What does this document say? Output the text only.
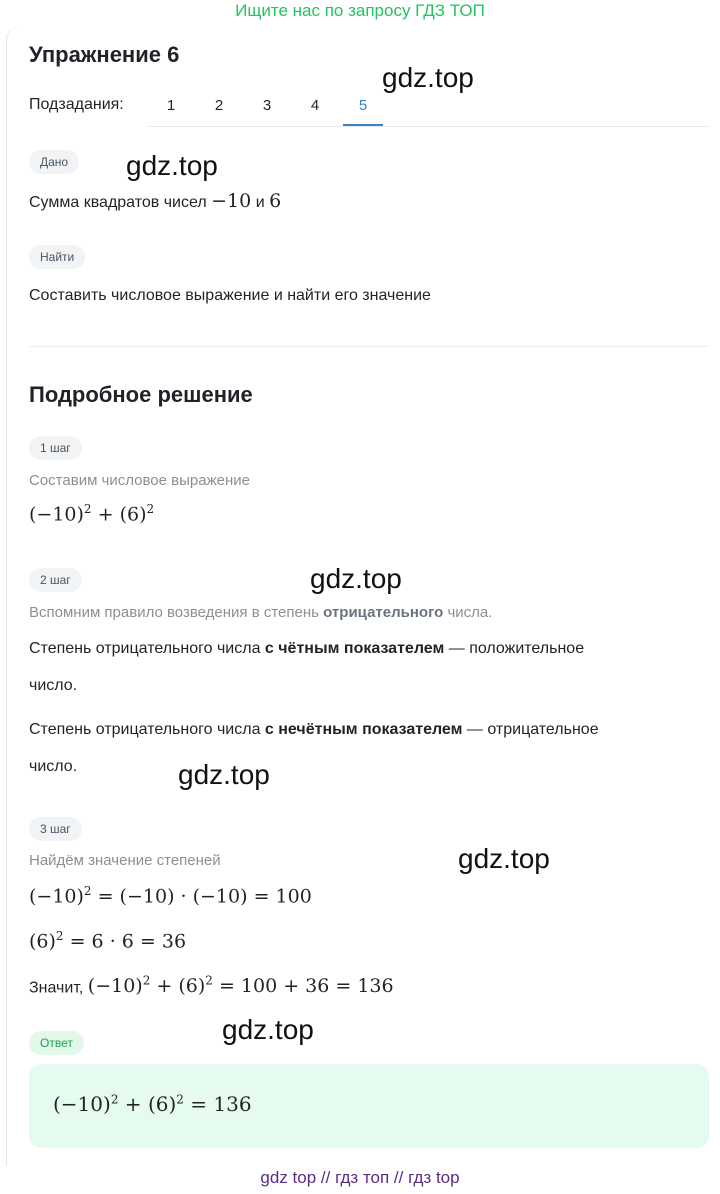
Ищите нас по запросу ГДЗ ТОП
Упражнение 6
Подзадания:	1	2	3	4	5
Дано
Сумма квадратов чисел −10 и 6
Найти
Составить числовое выражение и найти его значение
Подробное решение
1 шаг
Составим числовое выражение
$(-10)^2 + (6)^2$
2 шаг
Вспомним правило возведения в степень отрицательного числа.
Степень отрицательного числа с чётным показателем — положительное
число.
Степень отрицательного числа с нечётным показателем — отрицательное
число.
3 шаг
Найдём значение степеней
$(-10)^2 = (-10) \cdot (-10) = 100$
$(6)^2 = 6 \cdot 6 = 36$
Значит, $(-10)^2 + (6)^2 = 100 + 36 = 136$
Ответ
$(-10)^2 + (6)^2 = 136$
gdz.top
gdz.top
gdz.top
gdz.top
gdz.top
gdz.top
gdz top // гдз топ // гдз top
